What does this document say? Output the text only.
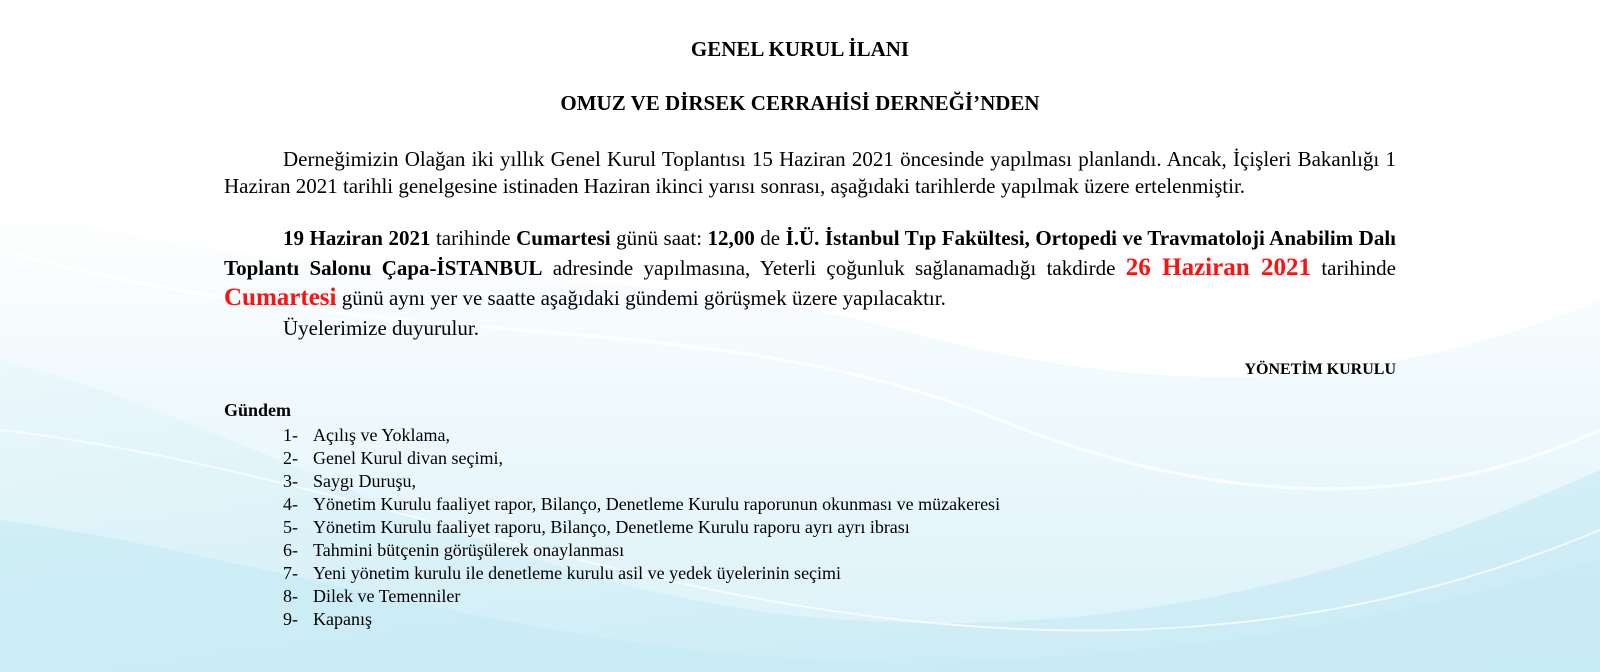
GENEL KURUL İLANI
OMUZ VE DİRSEK CERRAHİSİ DERNEĞİ’NDEN
Derneğimizin Olağan iki yıllık Genel Kurul Toplantısı 15 Haziran 2021 öncesinde yapılması planlandı. Ancak, İçişleri Bakanlığı 1 Haziran 2021 tarihli genelgesine istinaden Haziran ikinci yarısı sonrası, aşağıdaki tarihlerde yapılmak üzere ertelenmiştir.
19 Haziran 2021 tarihinde Cumartesi günü saat: 12,00 de İ.Ü. İstanbul Tıp Fakültesi, Ortopedi ve Travmatoloji Anabilim Dalı Toplantı Salonu Çapa-İSTANBUL adresinde yapılmasına, Yeterli çoğunluk sağlanamadığı takdirde 26 Haziran 2021 tarihinde Cumartesi günü aynı yer ve saatte aşağıdaki gündemi görüşmek üzere yapılacaktır.
Üyelerimize duyurulur.
YÖNETİM KURULU
Gündem
1- Açılış ve Yoklama,
2- Genel Kurul divan seçimi,
3- Saygı Duruşu,
4- Yönetim Kurulu faaliyet rapor, Bilanço, Denetleme Kurulu raporunun okunması ve müzakeresi
5- Yönetim Kurulu faaliyet raporu, Bilanço, Denetleme Kurulu raporu ayrı ayrı ibrası
6- Tahmini bütçenin görüşülerek onaylanması
7- Yeni yönetim kurulu ile denetleme kurulu asil ve yedek üyelerinin seçimi
8- Dilek ve Temenniler
9- Kapanış
